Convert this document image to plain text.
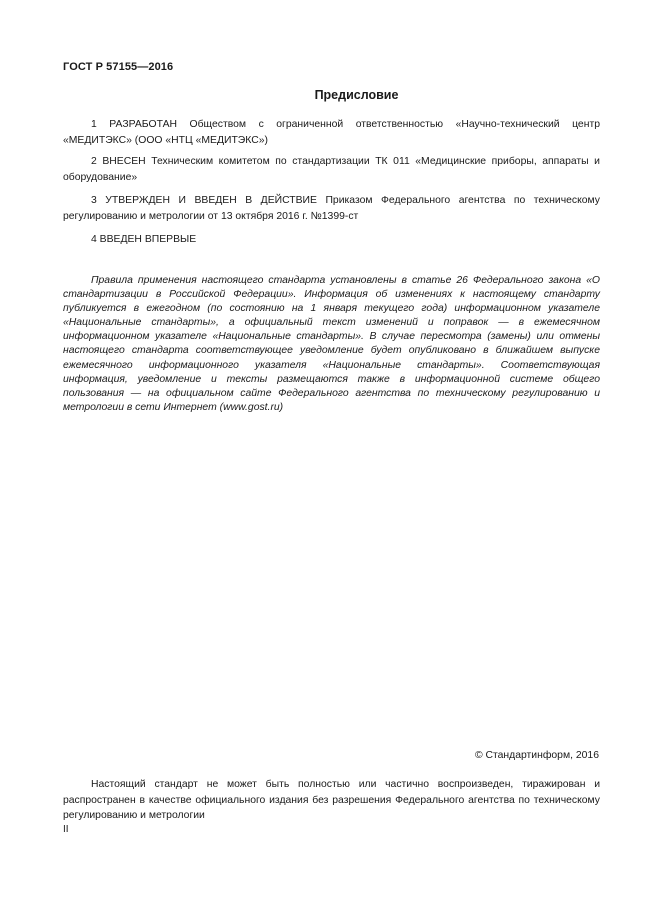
ГОСТ Р 57155—2016
Предисловие

1 РАЗРАБОТАН Обществом с ограниченной ответственностью «Научно-технический центр «МЕДИТЭКС» (ООО «НТЦ «МЕДИТЭКС»)

2 ВНЕСЕН Техническим комитетом по стандартизации ТК 011 «Медицинские приборы, аппараты и оборудование»

3 УТВЕРЖДЕН И ВВЕДЕН В ДЕЙСТВИЕ Приказом Федерального агентства по техническому регулированию и метрологии от 13 октября 2016 г. №1399-ст

4 ВВЕДЕН ВПЕРВЫЕ

Правила применения настоящего стандарта установлены в статье 26 Федерального закона «О стандартизации в Российской Федерации». Информация об изменениях к настоящему стандарту публикуется в ежегодном (по состоянию на 1 января текущего года) информационном указателе «Национальные стандарты», а официальный текст изменений и поправок — в ежемесячном информационном указателе «Национальные стандарты». В случае пересмотра (замены) или отмены настоящего стандарта соответствующее уведомление будет опубликовано в ближайшем выпуске ежемесячного информационного указателя «Национальные стандарты». Соответствующая информация, уведомление и тексты размещаются также в информационной системе общего пользования — на официальном сайте Федерального агентства по техническому регулированию и метрологии в сети Интернет (www.gost.ru)

© Стандартинформ, 2016

Настоящий стандарт не может быть полностью или частично воспроизведен, тиражирован и распространен в качестве официального издания без разрешения Федерального агентства по техническому регулированию и метрологии

II
